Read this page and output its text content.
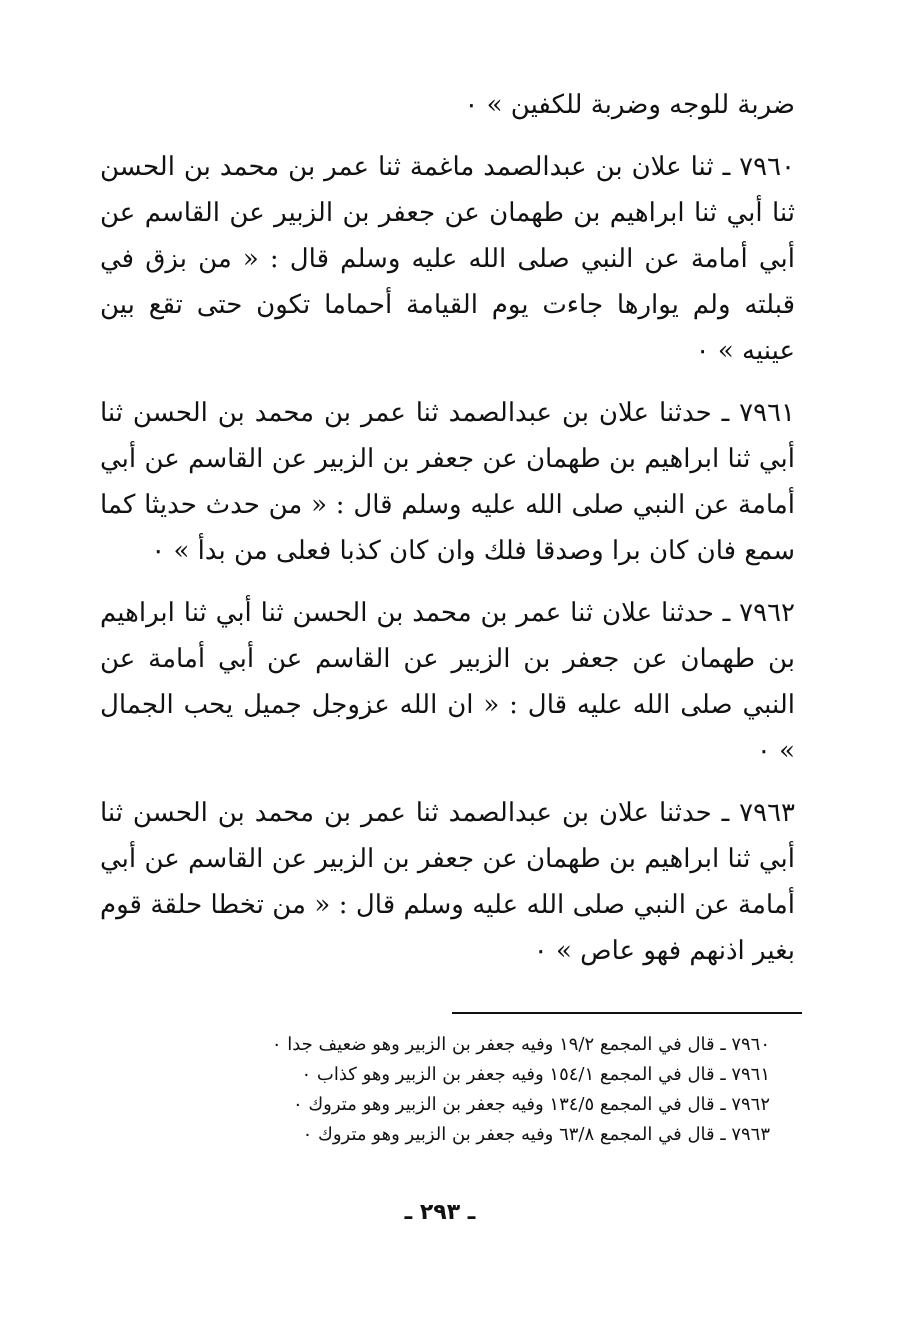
ضربة للوجه وضربة للكفين » ٠

٧٩٦٠ ـ ثنا علان بن عبدالصمد ماغمة ثنا عمر بن محمد بن الحسن ثنا أبي ثنا ابراهيم بن طهمان عن جعفر بن الزبير عن القاسم عن أبي أمامة عن النبي صلى الله عليه وسلم قال : « من بزق في قبلته ولم يوارها جاءت يوم القيامة أحماما تكون حتى تقع بين عينيه » ٠

٧٩٦١ ـ حدثنا علان بن عبدالصمد ثنا عمر بن محمد بن الحسن ثنا أبي ثنا ابراهيم بن طهمان عن جعفر بن الزبير عن القاسم عن أبي أمامة عن النبي صلى الله عليه وسلم قال : « من حدث حديثا كما سمع فان كان برا وصدقا فلك وان كان كذبا فعلى من بدأ » ٠

٧٩٦٢ ـ حدثنا علان ثنا عمر بن محمد بن الحسن ثنا أبي ثنا ابراهيم بن طهمان عن جعفر بن الزبير عن القاسم عن أبي أمامة عن النبي صلى الله عليه قال : « ان الله عزوجل جميل يحب الجمال » ٠

٧٩٦٣ ـ حدثنا علان بن عبدالصمد ثنا عمر بن محمد بن الحسن ثنا أبي ثنا ابراهيم بن طهمان عن جعفر بن الزبير عن القاسم عن أبي أمامة عن النبي صلى الله عليه وسلم قال : « من تخطا حلقة قوم بغير اذنهم فهو عاص » ٠

٧٩٦٠ ـ قال في المجمع ١٩/٢ وفيه جعفر بن الزبير وهو ضعيف جدا ٠

٧٩٦١ ـ قال في المجمع ١٥٤/١ وفيه جعفر بن الزبير وهو كذاب ٠

٧٩٦٢ ـ قال في المجمع ١٣٤/٥ وفيه جعفر بن الزبير وهو متروك ٠

٧٩٦٣ ـ قال في المجمع ٦٣/٨ وفيه جعفر بن الزبير وهو متروك ٠

ـ ٢٩٣ ـ
